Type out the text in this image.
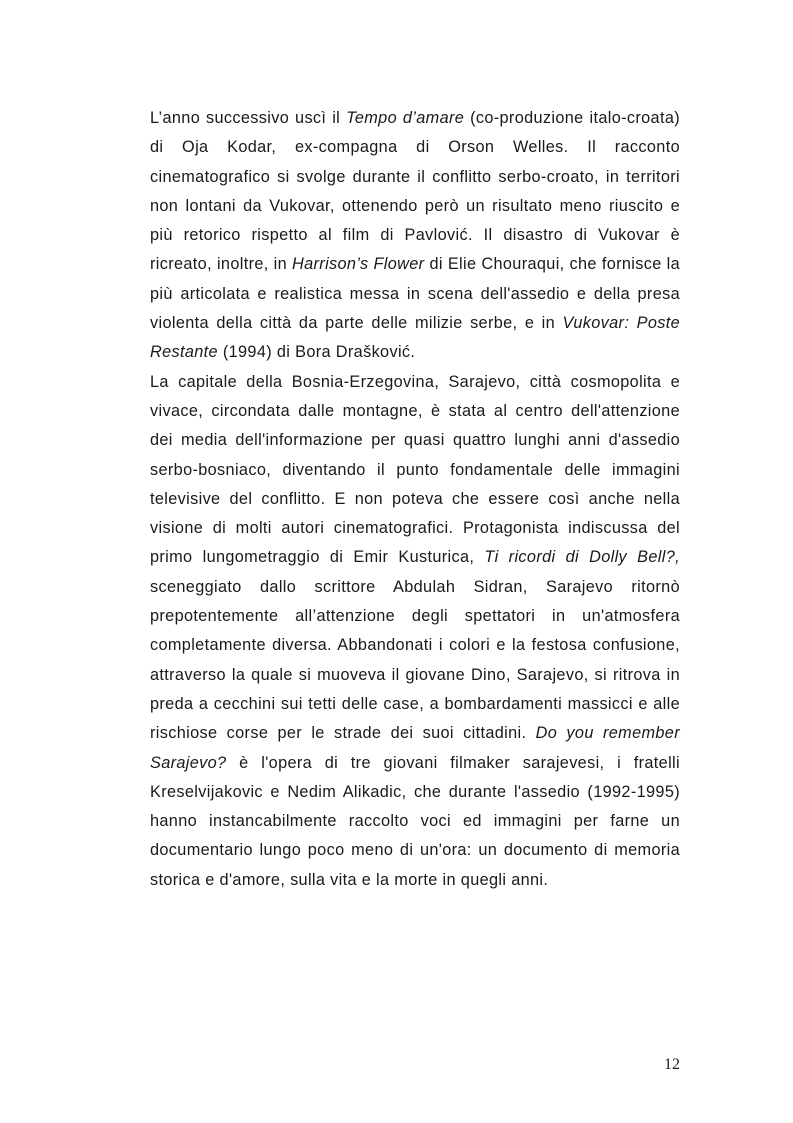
L’anno successivo uscì il Tempo d’amare (co-produzione italo-croata) di Oja Kodar, ex-compagna di Orson Welles. Il racconto cinematografico si svolge durante il conflitto serbo-croato, in territori non lontani da Vukovar, ottenendo però un risultato meno riuscito e più retorico rispetto al film di Pavlović. Il disastro di Vukovar è ricreato, inoltre, in Harrison’s Flower di Elie Chouraqui, che fornisce la più articolata e realistica messa in scena dell'assedio e della presa violenta della città da parte delle milizie serbe, e in Vukovar: Poste Restante (1994) di Bora Drašković.

La capitale della Bosnia-Erzegovina, Sarajevo, città cosmopolita e vivace, circondata dalle montagne, è stata al centro dell'attenzione dei media dell'informazione per quasi quattro lunghi anni d'assedio serbo-bosniaco, diventando il punto fondamentale delle immagini televisive del conflitto. E non poteva che essere così anche nella visione di molti autori cinematografici. Protagonista indiscussa del primo lungometraggio di Emir Kusturica, Ti ricordi di Dolly Bell?, sceneggiato dallo scrittore Abdulah Sidran, Sarajevo ritornò prepotentemente all’attenzione degli spettatori in un'atmosfera completamente diversa. Abbandonati i colori e la festosa confusione, attraverso la quale si muoveva il giovane Dino, Sarajevo, si ritrova in preda a cecchini sui tetti delle case, a bombardamenti massicci e alle rischiose corse per le strade dei suoi cittadini. Do you remember Sarajevo? è l'opera di tre giovani filmaker sarajevesi, i fratelli Kreselvijakovic e Nedim Alikadic, che durante l'assedio (1992-1995) hanno instancabilmente raccolto voci ed immagini per farne un documentario lungo poco meno di un'ora: un documento di memoria storica e d'amore, sulla vita e la morte in quegli anni.

12
